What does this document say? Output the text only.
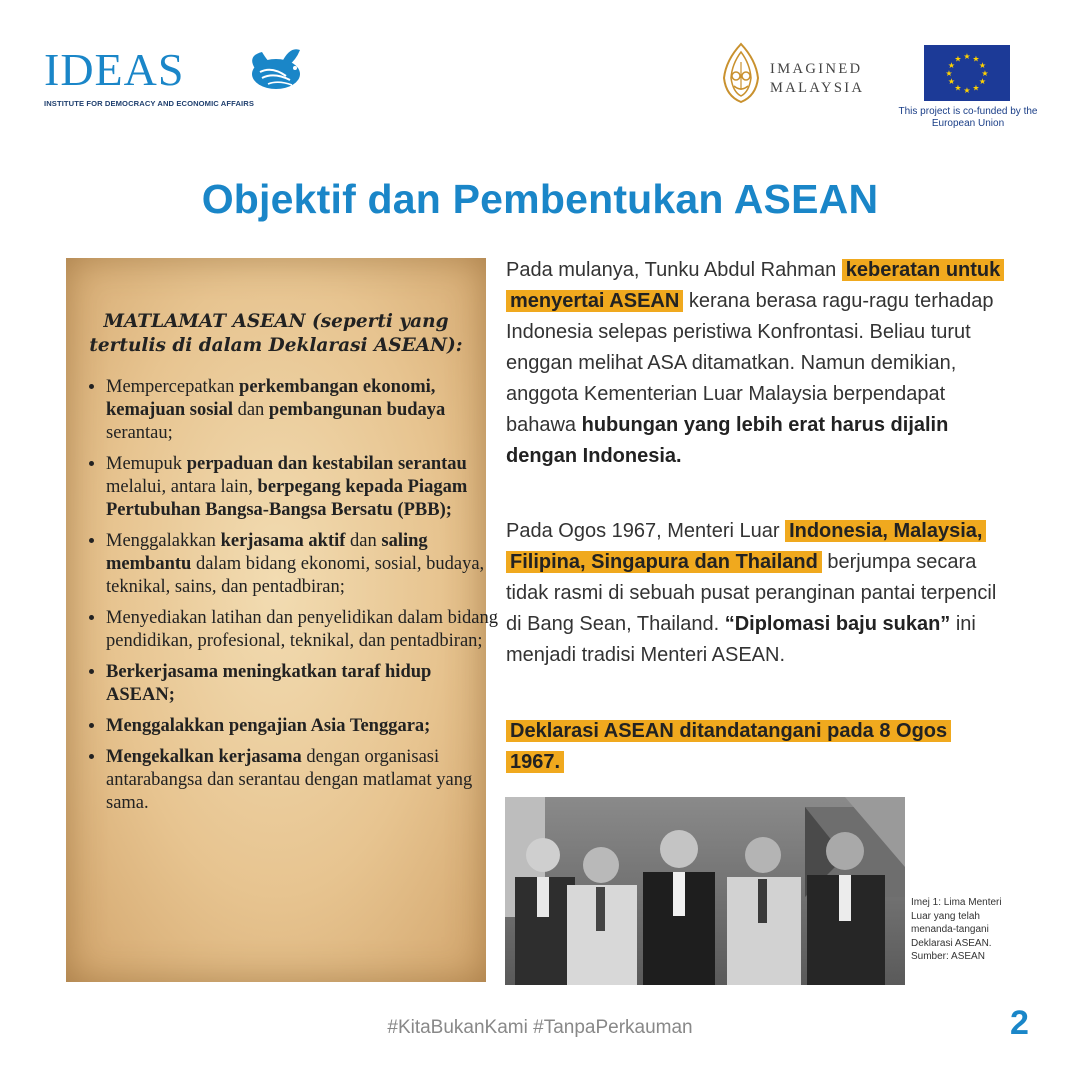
IDEAS
INSTITUTE FOR DEMOCRACY AND ECONOMIC AFFAIRS
IMAGINED
MALAYSIA
★ ★
★
★
★
★
★
★
★
★
★
★
This project is co-funded by the European Union
Objektif dan Pembentukan ASEAN
MATLAMAT ASEAN (seperti yang tertulis di dalam Deklarasi ASEAN):
• Mempercepatkan perkembangan ekonomi, kemajuan sosial dan pembangunan budaya serantau;
• Memupuk perpaduan dan kestabilan serantau melalui, antara lain, berpegang kepada Piagam Pertubuhan Bangsa-Bangsa Bersatu (PBB);
• Menggalakkan kerjasama aktif dan saling membantu dalam bidang ekonomi, sosial, budaya, teknikal, sains, dan pentadbiran;
• Menyediakan latihan dan penyelidikan dalam bidang pendidikan, profesional, teknikal, dan pentadbiran;
• Berkerjasama meningkatkan taraf hidup ASEAN;
• Menggalakkan pengajian Asia Tenggara;
• Mengekalkan kerjasama dengan organisasi antarabangsa dan serantau dengan matlamat yang sama.
Pada mulanya, Tunku Abdul Rahman keberatan untuk menyertai ASEAN kerana berasa ragu-ragu terhadap Indonesia selepas peristiwa Konfrontasi. Beliau turut enggan melihat ASA ditamatkan. Namun demikian, anggota Kementerian Luar Malaysia berpendapat bahawa hubungan yang lebih erat harus dijalin dengan Indonesia.
Pada Ogos 1967, Menteri Luar Indonesia, Malaysia, Filipina, Singapura dan Thailand berjumpa secara tidak rasmi di sebuah pusat peranginan pantai terpencil di Bang Sean, Thailand. “Diplomasi baju sukan” ini menjadi tradisi Menteri ASEAN.
Deklarasi ASEAN ditandatangani pada 8 Ogos 1967.
Imej 1: Lima Menteri Luar yang telah menanda-tangani Deklarasi ASEAN. Sumber: ASEAN
#KitaBukanKami #TanpaPerkauman	2
